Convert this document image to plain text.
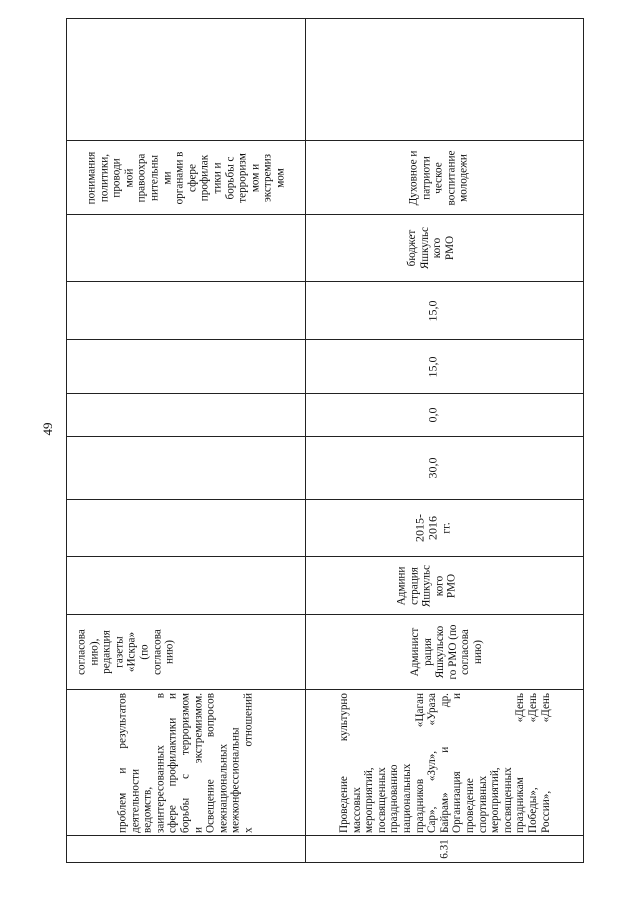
49
проблем
и
результатов
деятельности ведомств, заинтересованных
в
сфере
профилактики
и
борьбы
с
терроризмом
и
экстремизмом.
Освещение
вопросов
межнациональных межконфессиональны х
отношений
согласова нию), редакция газеты «Искра» (по согласова нию)
понимания политики, проводи мой правоохра нительны ми органами в сфере профилак тики и борьбы с терроризм мом и экстремиз мом
6.31
Проведение
культурно
массовых мероприятий, посвященных празднованию национальных праздников
«Цаган
Сар»,
«Зул»,
«Ураза
Байрам»
и
др.
Организация
и
проведение спортивных мероприятий, посвященных праздникам
«День
Победы»,
«День
России»,
«День
Админист рация Яшкульско го РМО (по согласова нию)
Админи страция Яшкульс кого РМО
2015- 2016 гг.
30,0
0,0
15,0
15,0
бюджет Яшкульс кого РМО
Духовное и патриоти ческое воспитание молодежи
